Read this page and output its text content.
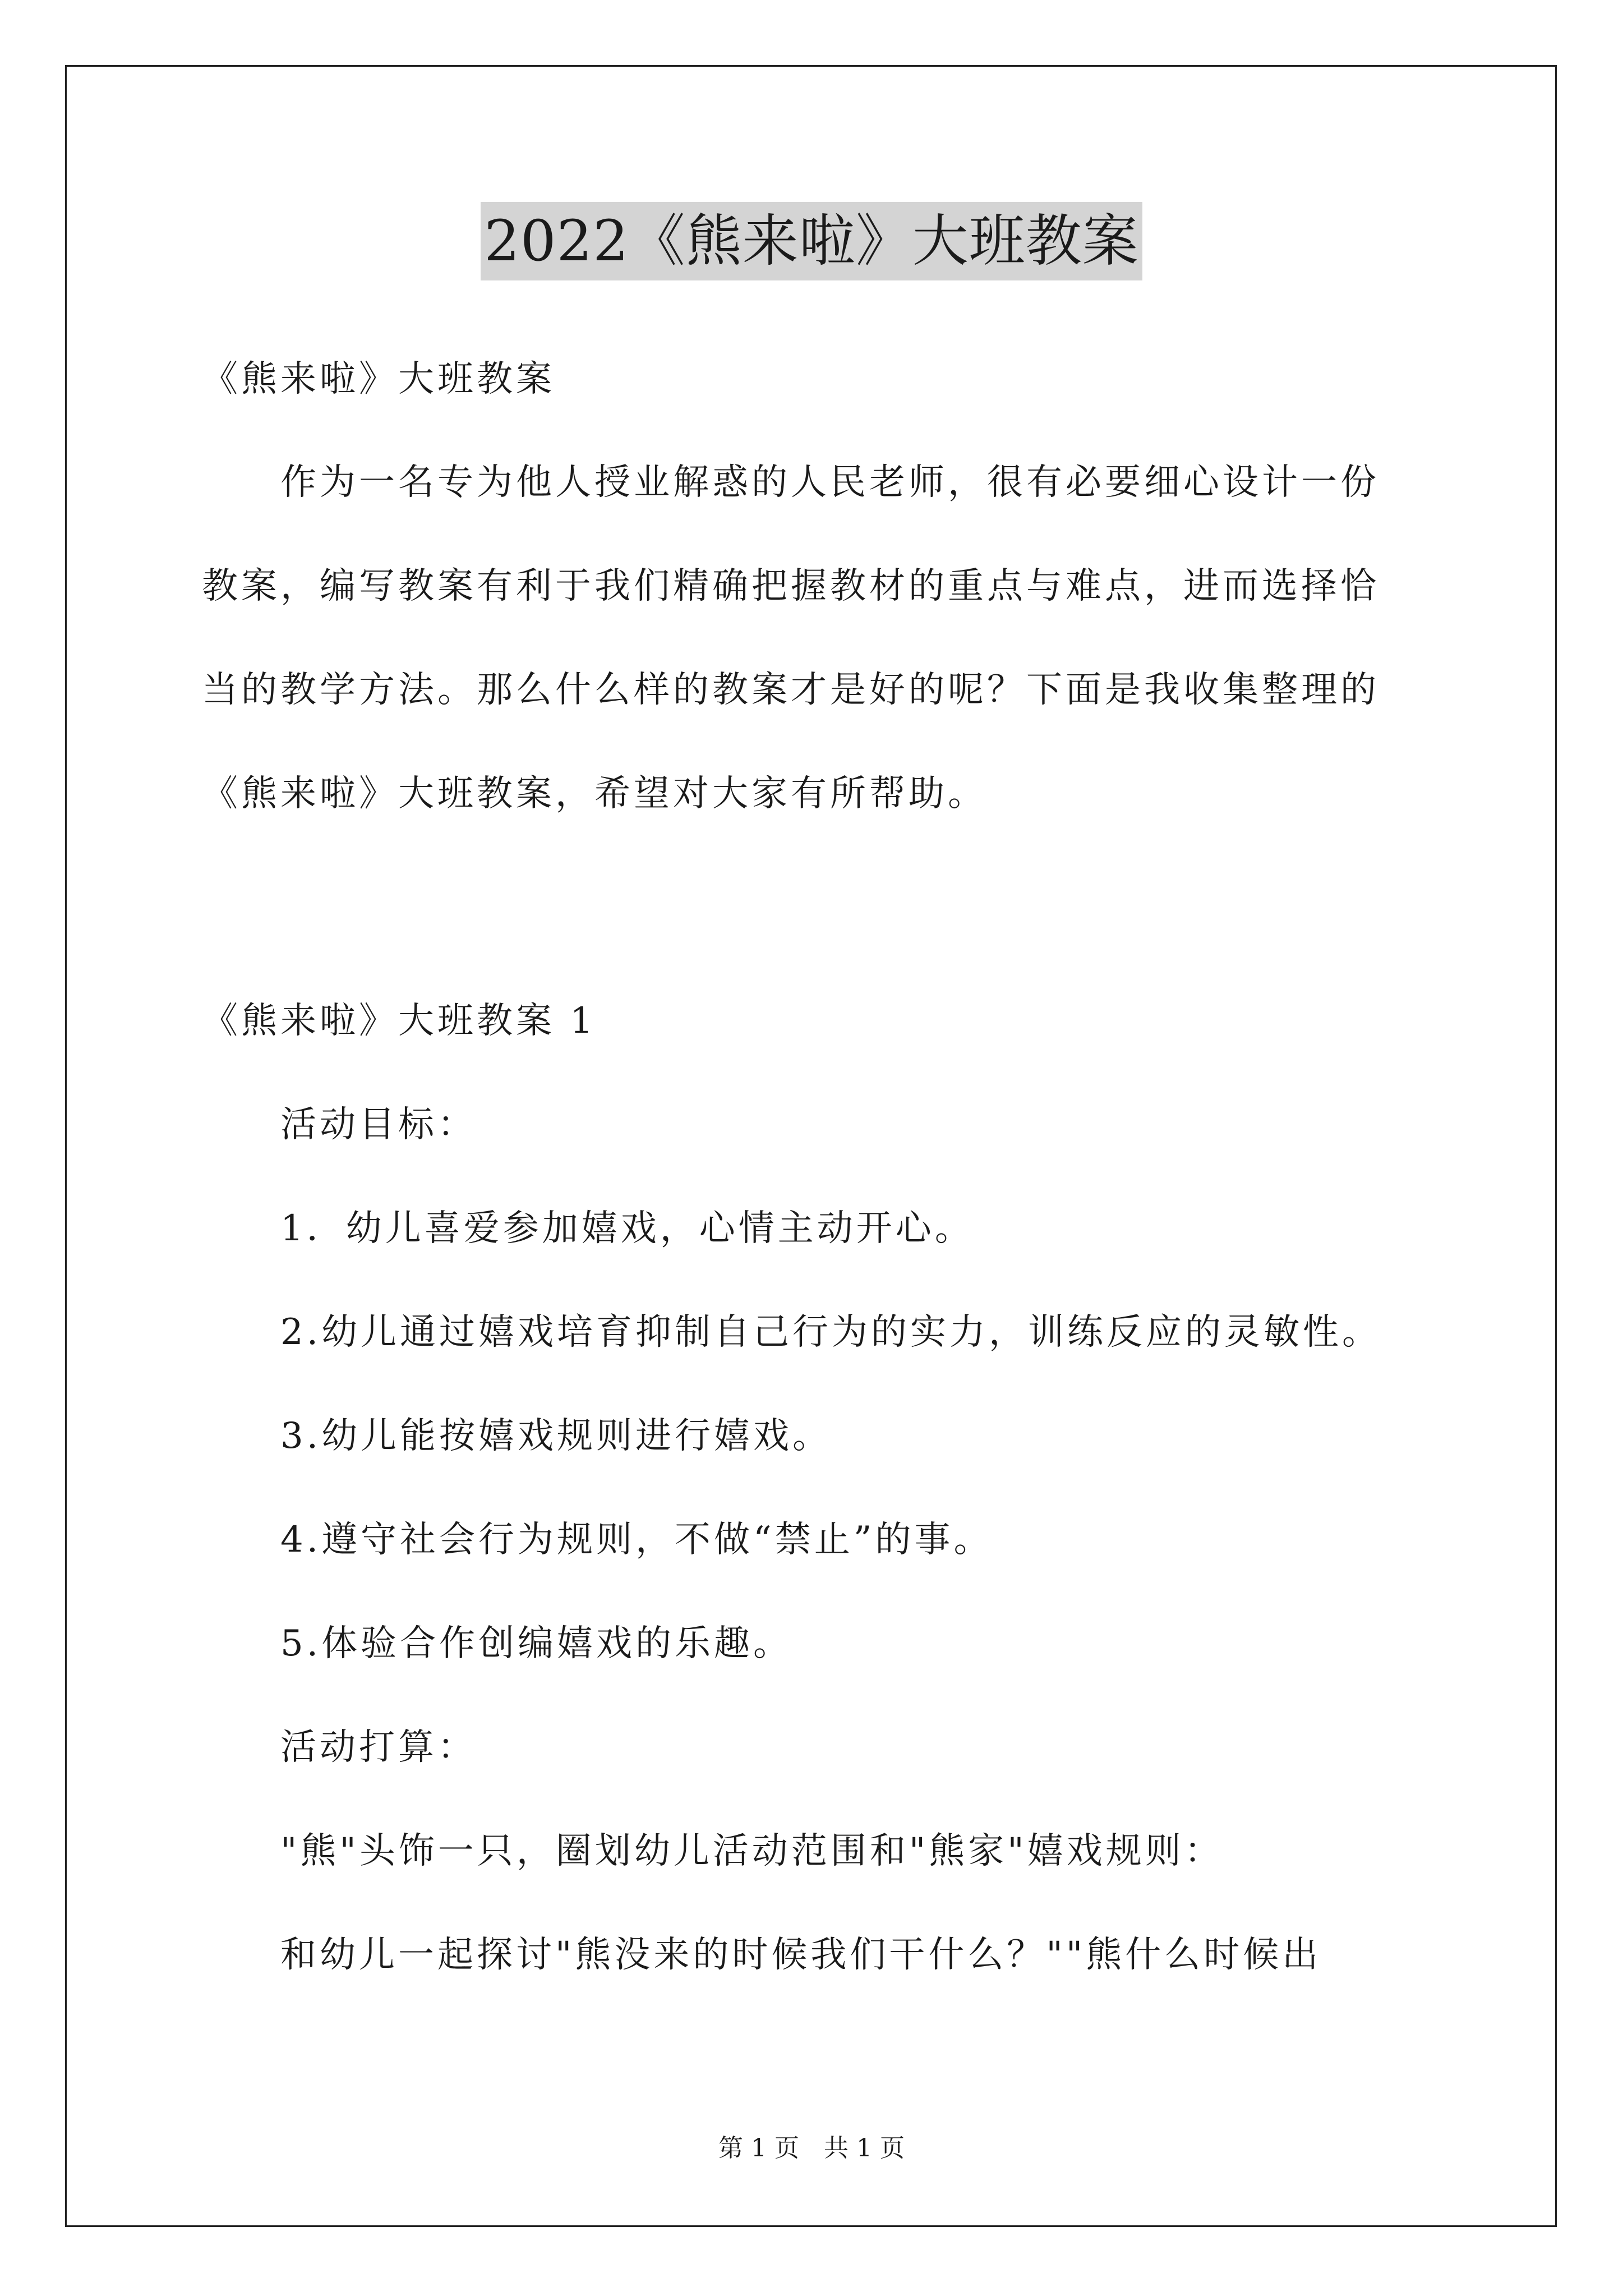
2022《熊来啦》大班教案
《熊来啦》大班教案
作为一名专为他人授业解惑的人民老师，很有必要细心设计一份
教案，编写教案有利于我们精确把握教材的重点与难点，进而选择恰
当的教学方法。那么什么样的教案才是好的呢？下面是我收集整理的
《熊来啦》大班教案，希望对大家有所帮助。
《熊来啦》大班教案 1
活动目标：
1．幼儿喜爱参加嬉戏，心情主动开心。
2.幼儿通过嬉戏培育抑制自己行为的实力，训练反应的灵敏性。
3.幼儿能按嬉戏规则进行嬉戏。
4.遵守社会行为规则，不做“禁止”的事。
5.体验合作创编嬉戏的乐趣。
活动打算：
"熊"头饰一只，圈划幼儿活动范围和"熊家"嬉戏规则：
和幼儿一起探讨"熊没来的时候我们干什么？""熊什么时候出
第 1 页　共 1 页
